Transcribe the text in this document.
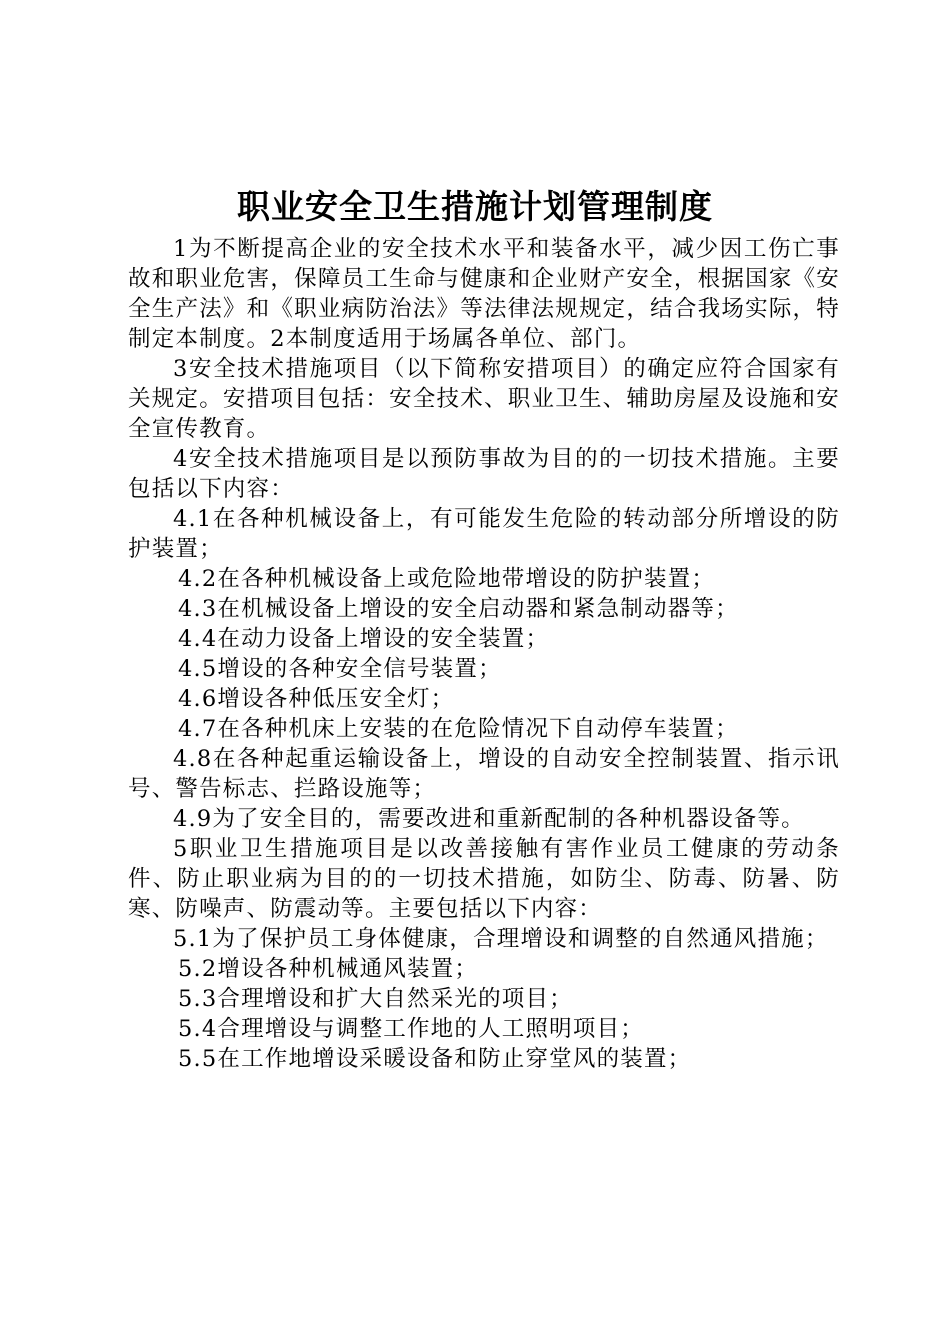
职业安全卫生措施计划管理制度

1为不断提高企业的安全技术水平和装备水平，减少因工伤亡事故和职业危害，保障员工生命与健康和企业财产安全，根据国家《安全生产法》和《职业病防治法》等法律法规规定，结合我场实际，特制定本制度。2本制度适用于场属各单位、部门。

3安全技术措施项目（以下简称安措项目）的确定应符合国家有关规定。安措项目包括：安全技术、职业卫生、辅助房屋及设施和安全宣传教育。

4安全技术措施项目是以预防事故为目的的一切技术措施。主要包括以下内容：

4.1在各种机械设备上，有可能发生危险的转动部分所增设的防护装置；

4.2在各种机械设备上或危险地带增设的防护装置；

4.3在机械设备上增设的安全启动器和紧急制动器等；

4.4在动力设备上增设的安全装置；

4.5增设的各种安全信号装置；

4.6增设各种低压安全灯；

4.7在各种机床上安装的在危险情况下自动停车装置；

4.8在各种起重运输设备上，增设的自动安全控制装置、指示讯号、警告标志、拦路设施等；

4.9为了安全目的，需要改进和重新配制的各种机器设备等。

5职业卫生措施项目是以改善接触有害作业员工健康的劳动条件、防止职业病为目的的一切技术措施，如防尘、防毒、防暑、防寒、防噪声、防震动等。主要包括以下内容：

5.1为了保护员工身体健康，合理增设和调整的自然通风措施；

5.2增设各种机械通风装置；

5.3合理增设和扩大自然采光的项目；

5.4合理增设与调整工作地的人工照明项目；

5.5在工作地增设采暖设备和防止穿堂风的装置；
